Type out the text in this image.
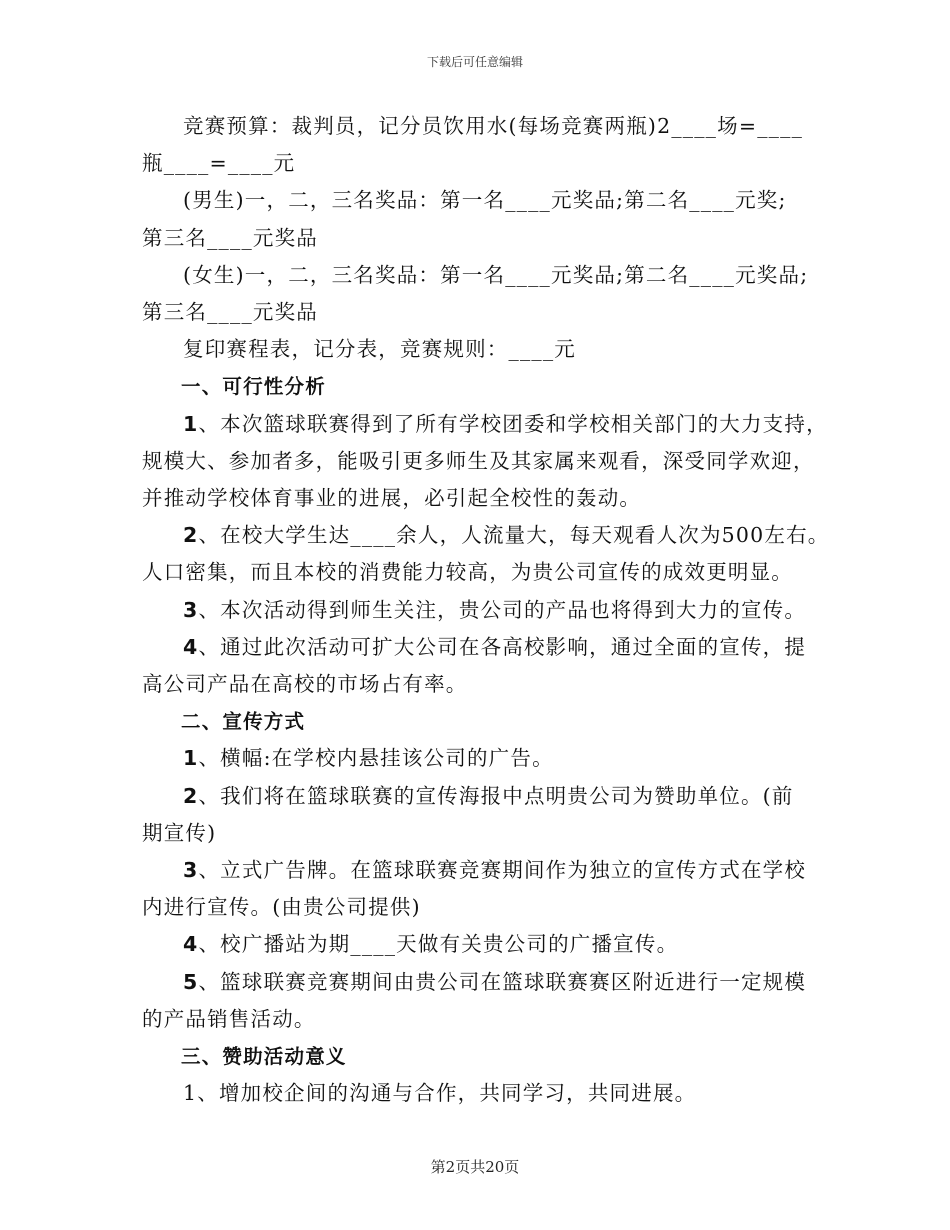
下载后可任意编辑

竞赛预算：裁判员，记分员饮用水(每场竞赛两瓶)2____场=____

瓶____=____元

(男生)一，二，三名奖品：第一名____元奖品;第二名____元奖;

第三名____元奖品

(女生)一，二，三名奖品：第一名____元奖品;第二名____元奖品;

第三名____元奖品

复印赛程表，记分表，竞赛规则：____元

一、可行性分析

1、本次篮球联赛得到了所有学校团委和学校相关部门的大力支持，

规模大、参加者多，能吸引更多师生及其家属来观看，深受同学欢迎，

并推动学校体育事业的进展，必引起全校性的轰动。

2、在校大学生达____余人，人流量大，每天观看人次为500左右。

人口密集，而且本校的消费能力较高，为贵公司宣传的成效更明显。

3、本次活动得到师生关注，贵公司的产品也将得到大力的宣传。

4、通过此次活动可扩大公司在各高校影响，通过全面的宣传，提

高公司产品在高校的市场占有率。

二、宣传方式

1、横幅:在学校内悬挂该公司的广告。

2、我们将在篮球联赛的宣传海报中点明贵公司为赞助单位。(前

期宣传)

3、立式广告牌。在篮球联赛竞赛期间作为独立的宣传方式在学校

内进行宣传。(由贵公司提供)

4、校广播站为期____天做有关贵公司的广播宣传。

5、篮球联赛竞赛期间由贵公司在篮球联赛赛区附近进行一定规模

的产品销售活动。

三、赞助活动意义

1、增加校企间的沟通与合作，共同学习，共同进展。

第2页共20页
